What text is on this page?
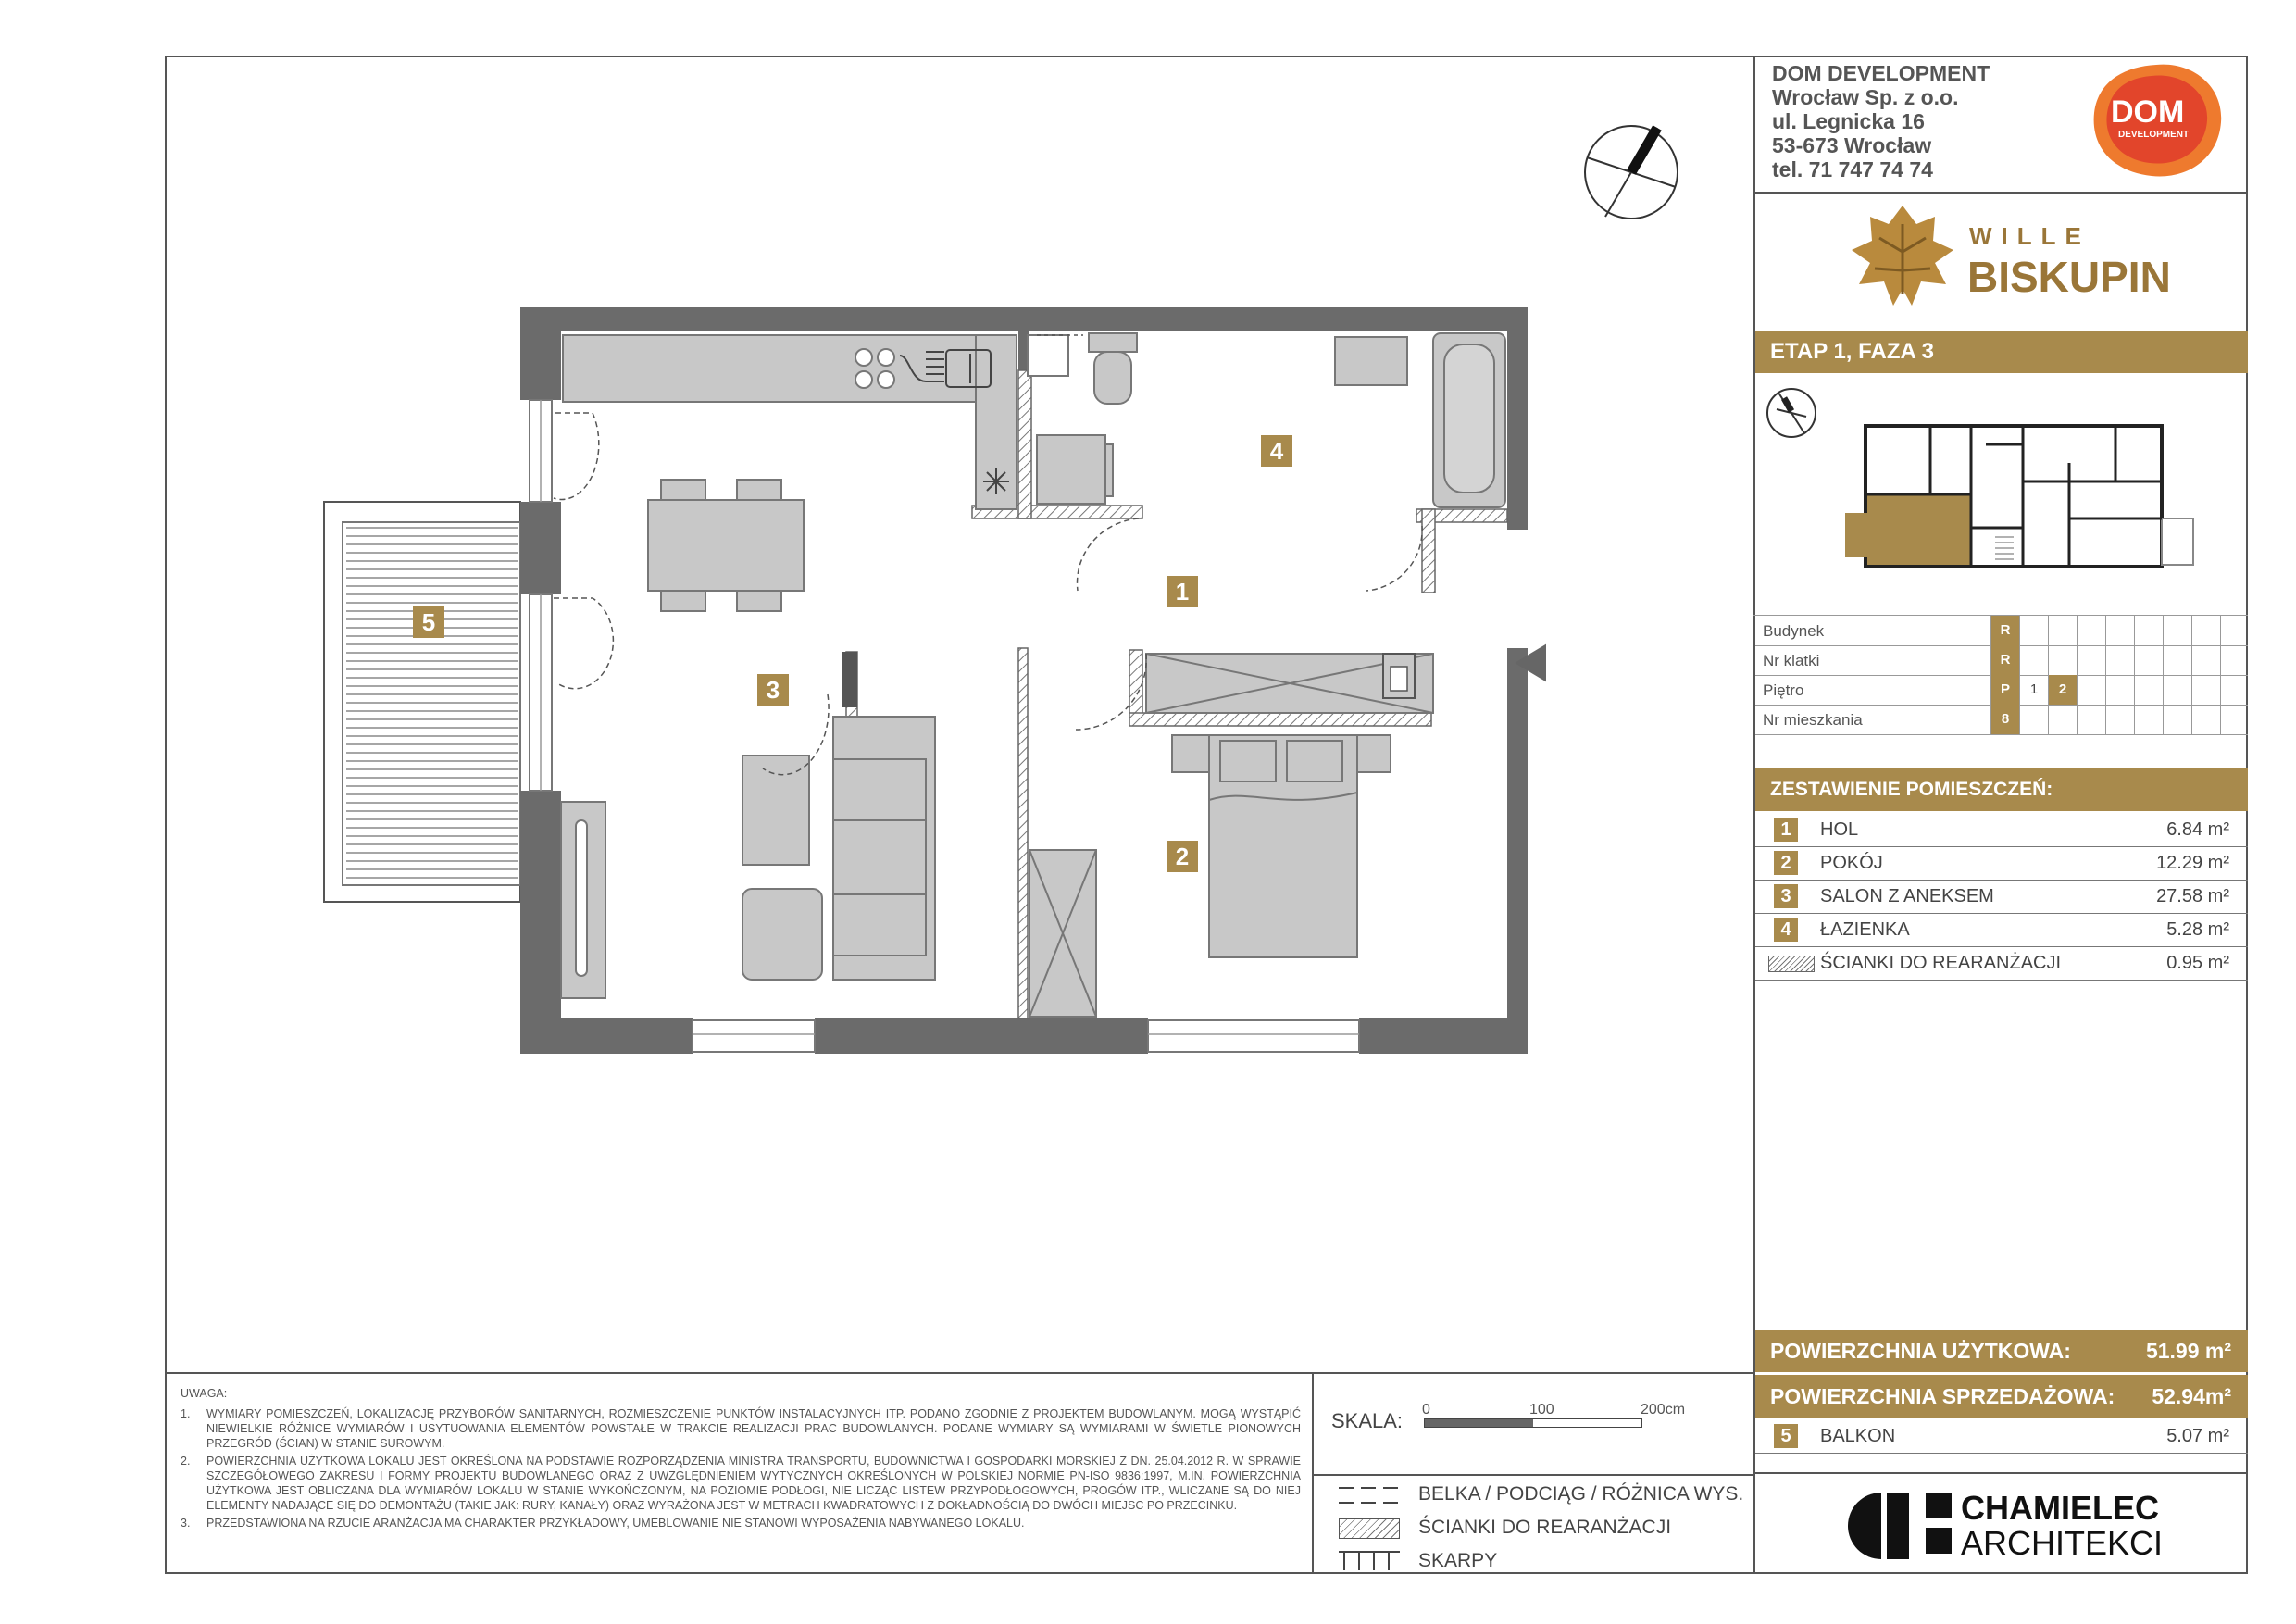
DOM DEVELOPMENT
Wrocław Sp. z o.o.
ul. Legnicka 16
53-673 Wrocław
tel. 71 747 74 74
DOM
DEVELOPMENT
WILLE
BISKUPIN
ETAP 1, FAZA 3
Budynek	R
Nr klatki	R
Piętro	P	1	2
Nr mieszkania	8
ZESTAWIENIE POMIESZCZEŃ:
1	HOL	6.84 m²
2	POKÓJ	12.29 m²
3	SALON Z ANEKSEM	27.58 m²
4	ŁAZIENKA	5.28 m²
ŚCIANKI DO REARANŻACJI	0.95 m²
POWIERZCHNIA UŻYTKOWA:	51.99 m²
POWIERZCHNIA SPRZEDAŻOWA: 52.94m²
5	BALKON	5.07 m²
CHAMIELEC
ARCHITEKCI
UWAGA:
1. WYMIARY POMIESZCZEŃ, LOKALIZACJĘ PRZYBORÓW SANITARNYCH, ROZMIESZCZENIE PUNKTÓW INSTALACYJNYCH ITP. PODANO ZGODNIE Z PROJEKTEM BUDOWLANYM. MOGĄ WYSTĄPIĆ NIEWIELKIE RÓŻNICE WYMIARÓW I USYTUOWANIA ELEMENTÓW POWSTAŁE W TRAKCIE REALIZACJI PRAC BUDOWLANYCH. PODANE WYMIARY SĄ WYMIARAMI W ŚWIETLE PIONOWYCH PRZEGRÓD (ŚCIAN) W STANIE SUROWYM.
2. POWIERZCHNIA UŻYTKOWA LOKALU JEST OKREŚLONA NA PODSTAWIE ROZPORZĄDZENIA MINISTRA TRANSPORTU, BUDOWNICTWA I GOSPODARKI MORSKIEJ Z DN. 25.04.2012 R. W SPRAWIE SZCZEGÓŁOWEGO ZAKRESU I FORMY PROJEKTU BUDOWLANEGO ORAZ Z UWZGLĘDNIENIEM WYTYCZNYCH OKREŚLONYCH W POLSKIEJ NORMIE PN-ISO 9836:1997, M.IN. POWIERZCHNIA UŻYTKOWA JEST OBLICZANA DLA WYMIARÓW LOKALU W STANIE WYKOŃCZONYM, NA POZIOMIE PODŁOGI, NIE LICZĄC LISTEW PRZYPODŁOGOWYCH, PROGÓW ITP., WLICZANE SĄ DO NIEJ ELEMENTY NADAJĄCE SIĘ DO DEMONTAŻU (TAKIE JAK: RURY, KANAŁY) ORAZ WYRAŻONA JEST W METRACH KWADRATOWYCH Z DOKŁADNOŚCIĄ DO DWÓCH MIEJSC PO PRZECINKU.
3. PRZEDSTAWIONA NA RZUCIE ARANŻACJA MA CHARAKTER PRZYKŁADOWY, UMEBLOWANIE NIE STANOWI WYPOSAŻENIA NABYWANEGO LOKALU.
SKALA: 0	100	200cm
BELKA / PODCIĄG / RÓŻNICA WYS.
ŚCIANKI DO REARANŻACJI
SKARPY
1
2
3
4
5
